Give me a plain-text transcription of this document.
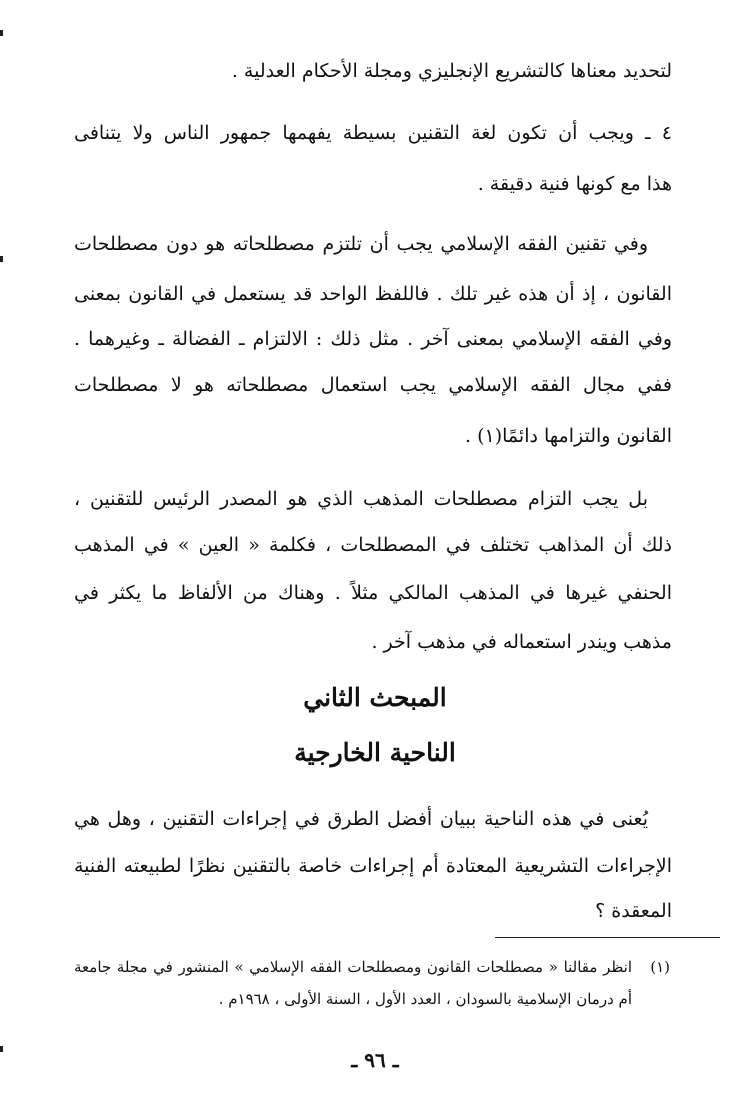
لتحديد معناها كالتشريع الإنجليزي ومجلة الأحكام العدلية .
٤ ـ ويجب أن تكون لغة التقنين بسيطة يفهمها جمهور الناس ولا يتنافى
هذا مع كونها فنية دقيقة .
وفي تقنين الفقه الإسلامي يجب أن تلتزم مصطلحاته هو دون مصطلحات
القانون ، إذ أن هذه غير تلك . فاللفظ الواحد قد يستعمل في القانون بمعنى
وفي الفقه الإسلامي بمعنى آخر . مثل ذلك : الالتزام ـ الفضالة ـ وغيرهما .
ففي مجال الفقه الإسلامي يجب استعمال مصطلحاته هو لا مصطلحات
القانون والتزامها دائمًا(١) .
بل يجب التزام مصطلحات المذهب الذي هو المصدر الرئيس للتقنين ،
ذلك أن المذاهب تختلف في المصطلحات ، فكلمة « العين » في المذهب
الحنفي غيرها في المذهب المالكي مثلاً . وهناك من الألفاظ ما يكثر في
مذهب ويندر استعماله في مذهب آخر .
المبحث الثاني
الناحية الخارجية
يُعنى في هذه الناحية ببيان أفضل الطرق في إجراءات التقنين ، وهل هي
الإجراءات التشريعية المعتادة أم إجراءات خاصة بالتقنين نظرًا لطبيعته الفنية
المعقدة ؟
(١)
انظر مقالنا « مصطلحات القانون ومصطلحات الفقه الإسلامي » المنشور في مجلة جامعة
أم درمان الإسلامية بالسودان ، العدد الأول ، السنة الأولى ، ١٩٦٨م .
ـ ٩٦ ـ
